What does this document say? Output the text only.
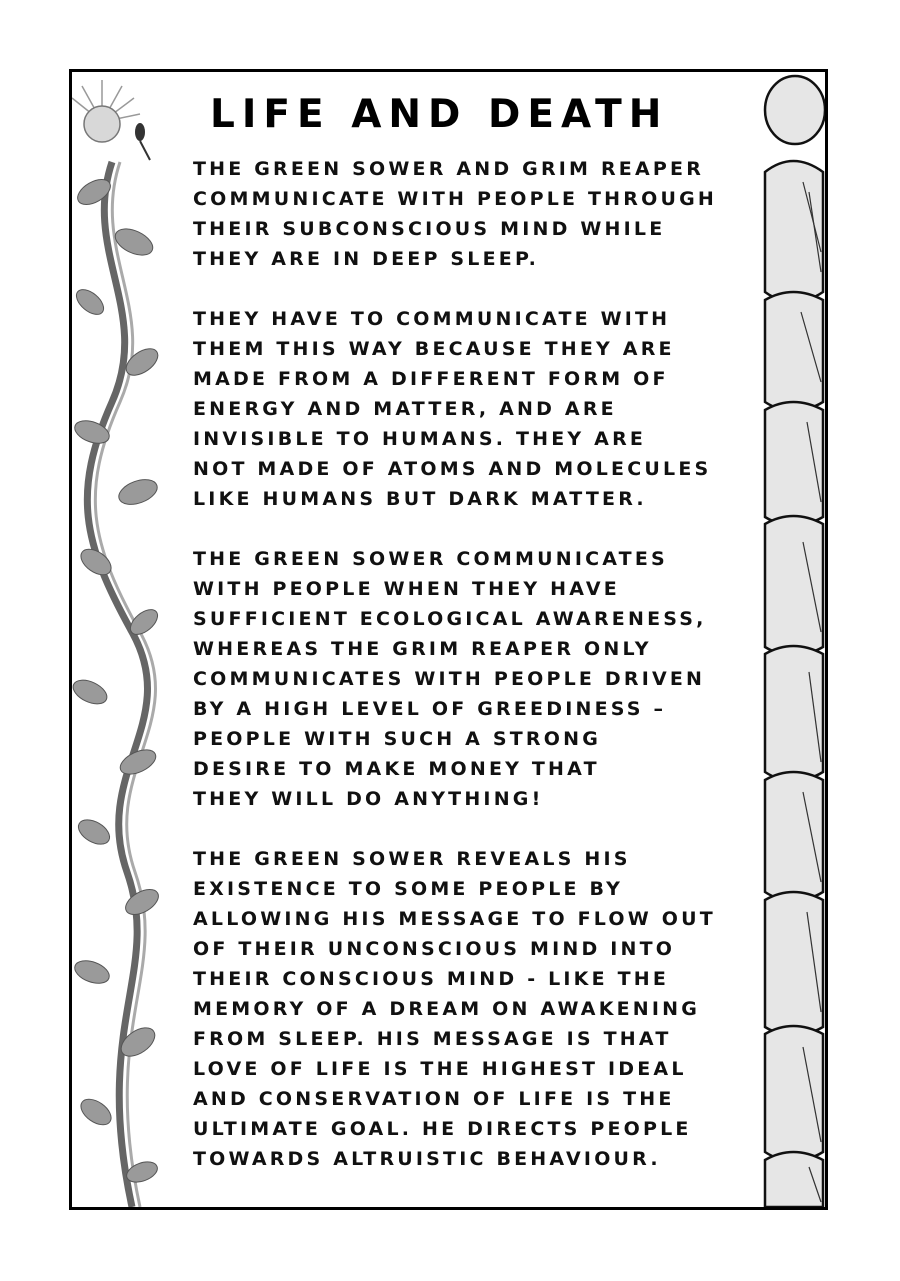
LIFE AND DEATH

THE GREEN SOWER AND GRIM REAPER
COMMUNICATE WITH PEOPLE THROUGH
THEIR SUBCONSCIOUS MIND WHILE
THEY ARE IN DEEP SLEEP.

THEY HAVE TO COMMUNICATE WITH
THEM THIS WAY BECAUSE THEY ARE
MADE FROM A DIFFERENT FORM OF
ENERGY AND MATTER, AND ARE
INVISIBLE TO HUMANS. THEY ARE
NOT MADE OF ATOMS AND MOLECULES
LIKE HUMANS BUT DARK MATTER.

THE GREEN SOWER COMMUNICATES
WITH PEOPLE WHEN THEY HAVE
SUFFICIENT ECOLOGICAL AWARENESS,
WHEREAS THE GRIM REAPER ONLY
COMMUNICATES WITH PEOPLE DRIVEN
BY A HIGH LEVEL OF GREEDINESS –
PEOPLE WITH SUCH A STRONG
DESIRE TO MAKE MONEY THAT
THEY WILL DO ANYTHING!

THE GREEN SOWER REVEALS HIS
EXISTENCE TO SOME PEOPLE BY
ALLOWING HIS MESSAGE TO FLOW OUT
OF THEIR UNCONSCIOUS MIND INTO
THEIR CONSCIOUS MIND - LIKE THE
MEMORY OF A DREAM ON AWAKENING
FROM SLEEP. HIS MESSAGE IS THAT
LOVE OF LIFE IS THE HIGHEST IDEAL
AND CONSERVATION OF LIFE IS THE
ULTIMATE GOAL. HE DIRECTS PEOPLE
TOWARDS ALTRUISTIC BEHAVIOUR.
